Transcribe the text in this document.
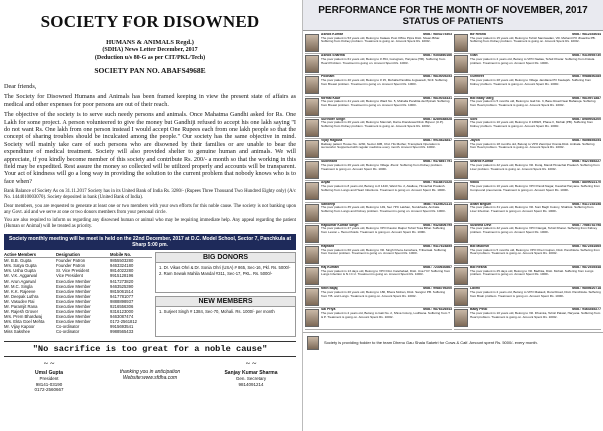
SOCIETY FOR DISOWNED
HUMANS & ANIMALS Regd.)
(SDHA) News Letter December, 2017
(Deduction u/s 80-G as per CIT/PKL/Tech)
SOCIETY PAN NO. ABAFS4968E

Dear friends,

The Society for Disowned Humans and Animals has been framed keeping in view the present state of affairs as medical and other expenses for poor persons are out of their reach.

The objective of the society is to serve such needy persons and animals. Once Mahatma Gandhi asked for Rs. One Lakh for some project. A person volunteered to give the money but Gandhiji refused to accept his one lakh saying "I do not want Rs. One lakh from one person instead I would accept One Rupees each from one lakh people so that the concept of sharing troubles should be inculcated among the people." Our society has the same objective in mind. Society will mainly take care of such persons who are disowned by their families or are unable to bear the expenditure of medical treatment. Society will also provided shelter to genuine human and animals. We will appreciate, if you kindly become member of this society and contribute Rs. 200/- a month so that the working in this field may be expedited. Rest assure the money so collected will be utilized properly and accounts will be transparent. Your act of kindness will go a long way in providing the solution to the current problem that nobody knows who is to face when?

Bank Balance of Society As on 31.11.2017 Society has in its United Bank of India Rs. 3280/- (Rupees Three Thousand Two Hundred Eighty only) (A/c No. 1444010003070). Society deposited in bank (United Bank of India).

Dear members, you are requested to generate at least one or two members with your own efforts for this noble cause. The society is not banking upon any Govt. aid and we serve at one or two donors members from your personal circle.

You are also required to inform us regarding any disowned human or animal who may be requiring immediate help. Any appeal regarding the patient (Human or Animal) will be treated as priority.

Society monthly meeting will be meet is held on the 22nd December, 2017 at D.C. Model School, Sector 7, Panchkula at Sharp 5:00 pm.
Active Members	Designation	Mobile No.
Mr. B.B. Gupta	Founder Patron	9855503280
Mrs. Satya Gupta	Founder Patron	9463324180
Mrs. Usha Gupta	Sr. Vice President	9814022280
Mr. V.K. Aggarwal	Vice President	9915128196
Mr. Arun Agarwal	Executive Member	9417273820
Mr. M.C. Singla	Executive Member	9463525390
Mr. K.K. Rajeeve	Executive Member	9815061514
Mr. Deepak Luthra	Executive Member	9417781077
Mr. Vasudev Rai	Executive Member	9888898937
Mr. Paramjit Rana	Executive Member	9216556306
Mr. Rajesh Grover	Executive Member	9316123000
Mrs. Prem Bhardwaj	Executive Member	9463087474
Mrs. Ekta Goel Mehta	Executive Member	0172-2561812
Mr. Vijay Kapoor	Co-ordinator	9915693541
Miss Sakshee	Co-ordinator	9988565433
BIG DONORS
1. Dr. Vikas Ohri & Dr. Sonia Ohri (USA) # 865, Sec-16, Pkl. Rs. 5000/-
2. Ram Sewak Mahila Mandal #311, Sec-17, PKL. Rs. 5000/-
NEW MEMBERS
1. Surjeet Singh # 1384, Sec-70, Mohali. Rs. 1000/- per month
"No sacrifice is too great for a noble cause"
~ ~
Umsl Gupta
President
98141-03190
0172-2560667
thanking you in anticipation
Website:www.sfdha.com
~ ~
Sanjay Kumar Sharma
Gen. Secretary
9814091214
PERFORMANCE FOR THE MONTH OF NOVEMBER, 2017
STATUS OF PATIENTS
Ashok Kumar	Mob.: 9803275303
The poor patient is 53 years old, Belong to Kalawe Post Office Pipra Distt. Siwan Bihar. Suffering from Kidney problem. Treatment is going on. Amount Spent Rs. 1000/-
Ashok Sharma	Mob.: 9354860166
The poor patient is 61 years old, Belong to # 354, Gurugram, Haryana (HR). Suffering from Heart Problem. Treatment is going on. Amount Spent Rs. 1000/-
Poonam	Mob.: 9815005253
The poor patient is 40 years old, Belong to # 15, Mohalla Panditta Jogwaredi, SCF. Suffering from Breast problem. Treatment is going on. Amount Spent Rs. 1000/-
Nirmal Kaur	Mob.: 9815034431
The poor patient is 41 years old, Belong to Ward No. 5, Mohalla Panditta da Pipinali. Suffering from Breast problem. Treatment is going on. Amount Spent Rs. 1000/-
Surinder Singh	Mob.: 8289388528
The poor patient is 26 years old, Belong to Mamrah, Darra Jhandewal Distt. Bijnour (U.P). Suffering from Kidney problem. Treatment is going on. Amount Spent Rs. 1000/-
Vijay Rajputa	Mob.: 9915824847
Railway patient House No. 1230, Sector 40B, Chd. His Mother, Transplant Operation is successful. Supported with regular medicine every month. Amount Spent Rs. 1000/-
Sukhwant	Mob.: 9478867791
The poor patient is 26 years old, Belong to Village Jhunir. Suffering from Kidney problem. Treatment is going on. Amount Spent Rs. 1000/-
Anjali	Mob.: 9418870228
The poor patient is 8 years old, Belong to # 1440, Ward No. 2, Akalkue, Himachal Pradesh. Suffering from Lungs and Heart Infections. Treatment is going on. Amount Spent Rs. 1000/-
Sandeep	Mob.: 9125621114
The poor patient is 35 years old, Belong to 149, Sec 7PC Lakhan, Nurukheda, Ambala. Suffering from Lungs and Kidney problem. Treatment is going on. Amount Spent Rs. 1000/-
Rajkumar Kumar Singh	Mob.: 9424806795
The poor patient is 27 years old, Belong to VPO Kaulon Raipur Tehsil Tosa Bihar. Suffering from Lesion + Hemorrhoids. Treatment is going on. Amount Spent Rs. 1000/-
Rajwant	Mob.: 9417624855
The poor patient is 60 years old, Belong to Vill. Singh Khera Jamshera, Tribanwal. Suffering from Cancer problem. Treatment is going on. Amount Spent Rs. 1000/-
Raj Kumari	Mob.: 7230630867
The poor patient is 13 days old, Belong to VPO Dist. Fatehabad, Distt. Una H.P. Suffering from Lungs Infection & N.I.C.U. Treatment is going on. Amount Spent Rs. 1000/-
Nitin Bajaj	Mob.: 9988795200
The poor patient is 20 years old, Belong to 180, Bhera Mohan, Distt. Sangrur PB. Suffering from T.B. and Lungs. Treatment is going on. Amount Spent Rs. 1000/-
Sai Priya	Mob.: 9876326543
The poor patient is 2 years old, Belong to Gali No. 2, Shiva Colony, Ludhiana. Suffering from T & P. Treatment is going on. Amount Spent Rs. 1000/-
Bir Rekha	Mob.: 9812353044
The poor patient is 15 years old, Belong to Tehsil Samiwadan, Vill. Mehant PO Jhaanha PB. Suffering from Kidney problem. Treatment is going on. Amount Spent Rs. 1000/-
Gian	Mob.: 9315955730
The poor patient is 2 years old, Belong to VPO Nadaa, Tehsil Kharar. Suffering from Fistula problem. Treatment is going on. Amount Spent Rs. 1000/-
Gurmeet	Mob.: 9988650285
The poor patient is 28 years old, Belong to Village Jandlana PO Kaulaprk. Suffering from Kidney problem. Treatment is going on. Amount Spent Rs. 1000/-
Bib Baby Garg	Mob.: 9815971887
The poor patient is 5 months old, Belong to Gali No. 3, Basu Road Near Bahareja. Suffering from Heart problem. Treatment is going on. Amount Spent Rs. 1000/-
Soni	Mob.: 8989504200
The poor patient is 10 years old, Belong to # 1389/3, Phase II, Mohali (PB). Suffering from Kidney problem. Treatment is going on. Amount Spent Rs. 1000/-
Jayon	Mob.: 9856655254
The poor patient is 18 months old, Belong to VPO Zamirpur Kranta Distt. Ambala. Suffering from Heart problem. Treatment is going on. Amount Spent Rs. 1000/-
Shardil Kumar	Mob.: 9427865227
The poor patient is 42 years old, Belong to Vill. Duraj, Mandi Himachal Pradesh. Suffering from Liver problem. Treatment is going on. Amount Spent Rs. 1000/-
Nikku	Mob.: 8809022170
The poor patient is 10 years old, Belong to VPO Pandi Nagar, Kaushal Haryana. Suffering from Compound pneumonia. Treatment is going on. Amount Spent Rs. 1000/-
Attari Begum	Mob.: 9417245158
The poor patient is 31 years old, Belong to Vill. Soni Bagh Colony, Shahkot. Suffering from Liver Infection. Treatment is going on. Amount Spent Rs. 1000/-
Sushma Devi	Mob.: 7986752798
The poor patient is 42 years old, Belong to VPO Nangal, Tehsil Kharar. Suffering from Kidney problem. Treatment is going on. Amount Spent Rs. 1000/-
Bib Mukesh	Mob.: 9872461665
The poor patient is 5 months old, Belong to VPO Kheri Gujran, Distt. Panchkula. Suffering from Heart problem. Treatment is going on. Amount Spent Rs. 1000/-
Bib Rekha	Mob.: 9872539348
The poor patient is 25 days old, Belong to Vill. Badhka, Distt. Mohali. Suffering from Lungs problem. Treatment is going on. Amount Spent Rs. 1000/-
Laxmi	Mob.: 9855620718
The poor patient is 2 years old, Belong to VPO Makaoli, Rural Road, Distt. Panchkula. Suffering from Brain problem. Treatment is going on. Amount Spent Rs. 1000/-
Baby Pinki	Mob.: 9464465277
The poor patient is 10 years old, Belong to Vill. Dhumka, Tehsil Palwal, Haryana. Suffering from Heart problem. Treatment is going on. Amount Spent Rs. 1000/-
Society is providing fodder to the team Dhenu Gau Shala Saketri for Cows & Calf. Amount spent Rs. 5000/- every month.
